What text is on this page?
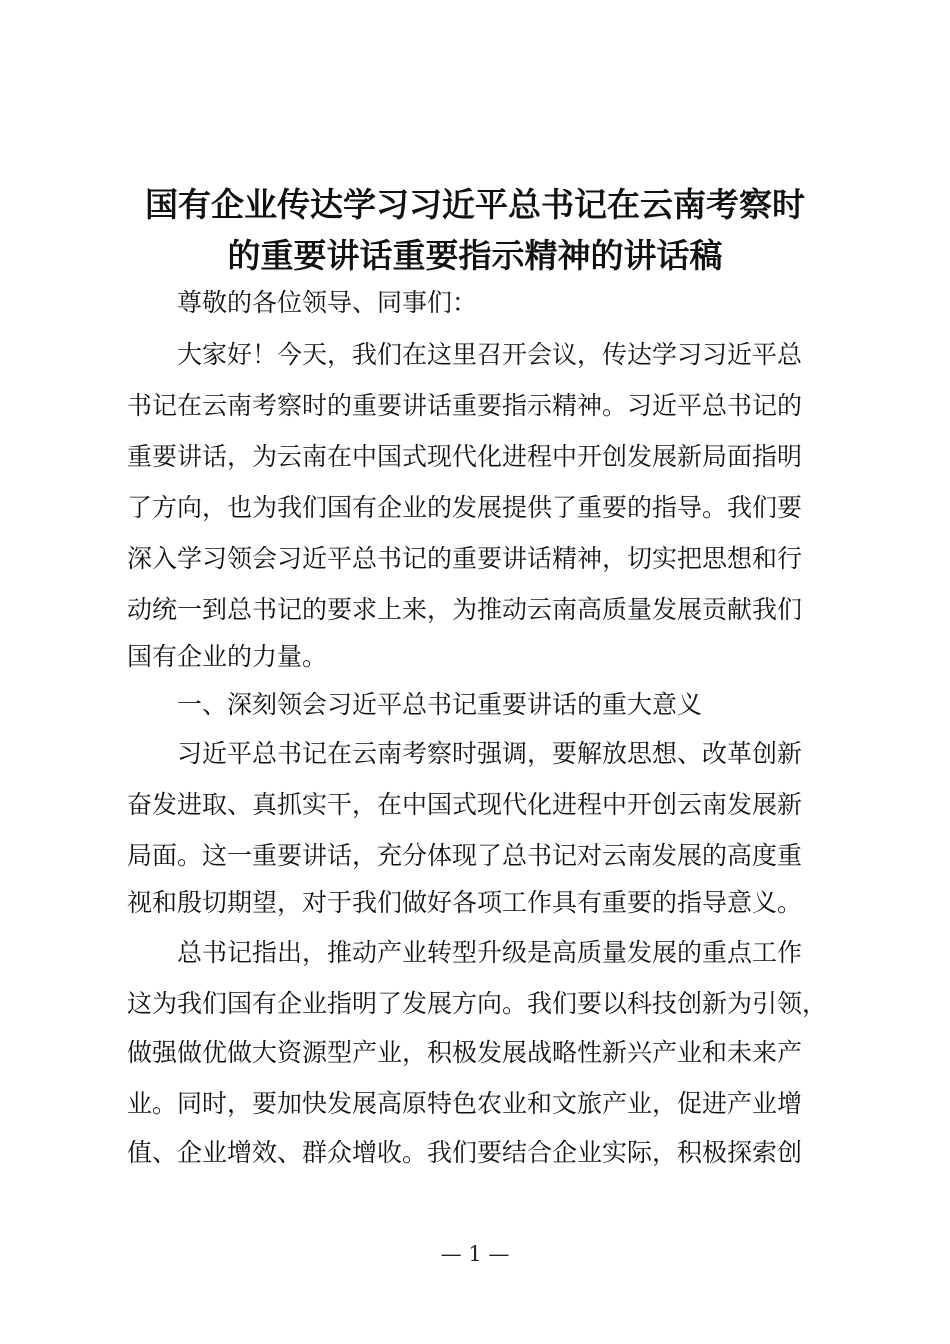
国有企业传达学习习近平总书记在云南考察时
的重要讲话重要指示精神的讲话稿
　　尊敬的各位领导、同事们：
　　大家好！今天，我们在这里召开会议，传达学习习近平总
书记在云南考察时的重要讲话重要指示精神。习近平总书记的
重要讲话，为云南在中国式现代化进程中开创发展新局面指明
了方向，也为我们国有企业的发展提供了重要的指导。我们要
深入学习领会习近平总书记的重要讲话精神，切实把思想和行
动统一到总书记的要求上来，为推动云南高质量发展贡献我们
国有企业的力量。
　　一、深刻领会习近平总书记重要讲话的重大意义
　　习近平总书记在云南考察时强调，要解放思想、改革创新
奋发进取、真抓实干，在中国式现代化进程中开创云南发展新
局面。这一重要讲话，充分体现了总书记对云南发展的高度重
视和殷切期望，对于我们做好各项工作具有重要的指导意义。
　　总书记指出，推动产业转型升级是高质量发展的重点工作
这为我们国有企业指明了发展方向。我们要以科技创新为引领，
做强做优做大资源型产业，积极发展战略性新兴产业和未来产
业。同时，要加快发展高原特色农业和文旅产业，促进产业增
值、企业增效、群众增收。我们要结合企业实际，积极探索创
— 1 —
